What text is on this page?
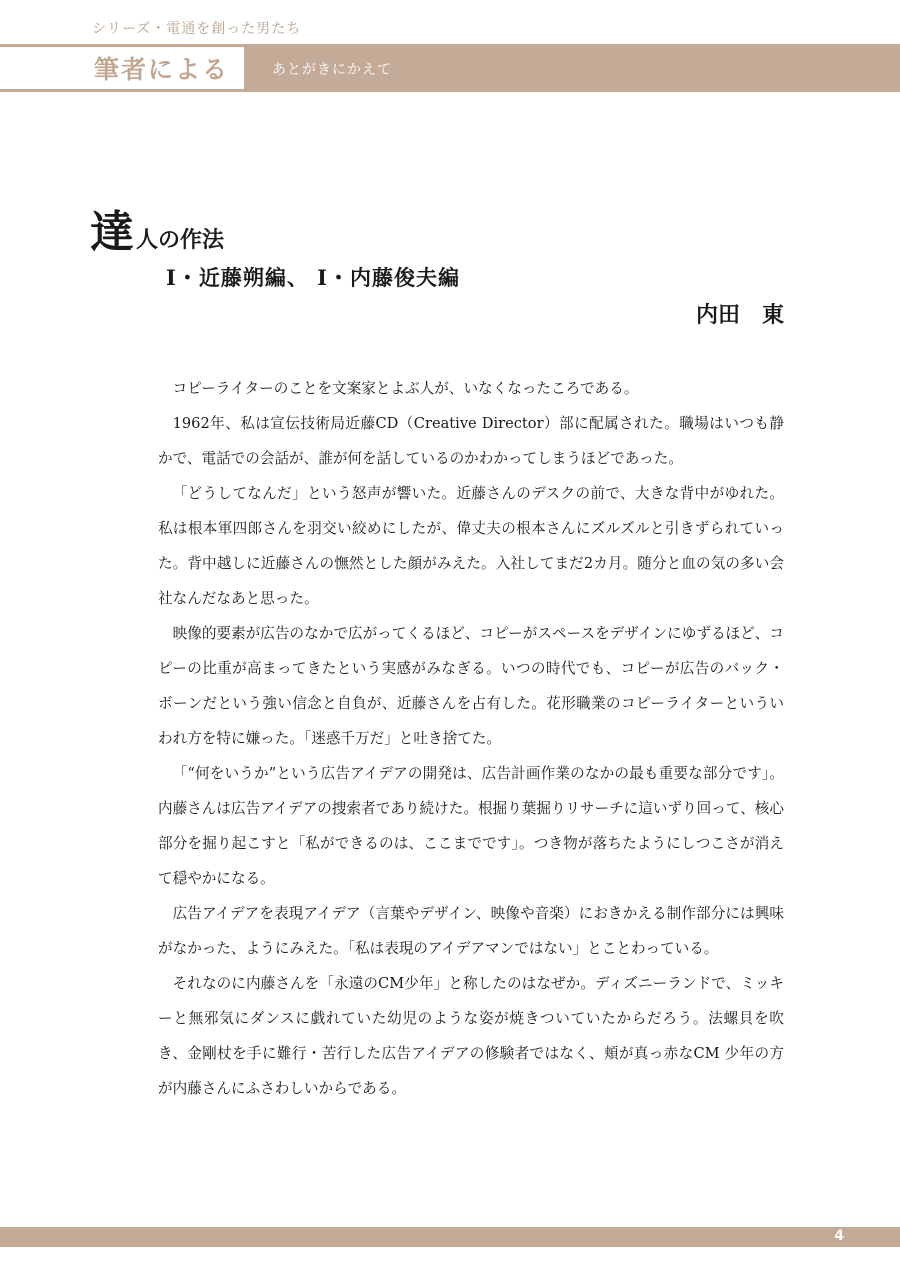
シリーズ・電通を創った男たち
筆者による	あとがきにかえて
達人の作法
I・近藤朔編、 I・内藤俊夫編
内田　東

コピーライターのことを文案家とよぶ人が、いなくなったころである。

1962年、私は宣伝技術局近藤CD（Creative Director）部に配属された。職場はいつも静かで、電話での会話が、誰が何を話しているのかわかってしまうほどであった。

「どうしてなんだ」という怒声が響いた。近藤さんのデスクの前で、大きな背中がゆれた。私は根本軍四郎さんを羽交い絞めにしたが、偉丈夫の根本さんにズルズルと引きずられていった。背中越しに近藤さんの憮然とした顔がみえた。入社してまだ2カ月。随分と血の気の多い会社なんだなあと思った。

映像的要素が広告のなかで広がってくるほど、コピーがスペースをデザインにゆずるほど、コピーの比重が高まってきたという実感がみなぎる。いつの時代でも、コピーが広告のバック・ボーンだという強い信念と自負が、近藤さんを占有した。花形職業のコピーライターといういわれ方を特に嫌った。「迷惑千万だ」と吐き捨てた。

「“何をいうか”という広告アイデアの開発は、広告計画作業のなかの最も重要な部分です」。内藤さんは広告アイデアの捜索者であり続けた。根掘り葉掘りリサーチに這いずり回って、核心部分を掘り起こすと「私ができるのは、ここまでです」。つき物が落ちたようにしつこさが消えて穏やかになる。

広告アイデアを表現アイデア（言葉やデザイン、映像や音楽）におきかえる制作部分には興味がなかった、ようにみえた。「私は表現のアイデアマンではない」とことわっている。

それなのに内藤さんを「永遠のCM少年」と称したのはなぜか。ディズニーランドで、ミッキーと無邪気にダンスに戯れていた幼児のような姿が焼きついていたからだろう。法螺貝を吹き、金剛杖を手に難行・苦行した広告アイデアの修験者ではなく、頬が真っ赤なCM 少年の方が内藤さんにふさわしいからである。

4
